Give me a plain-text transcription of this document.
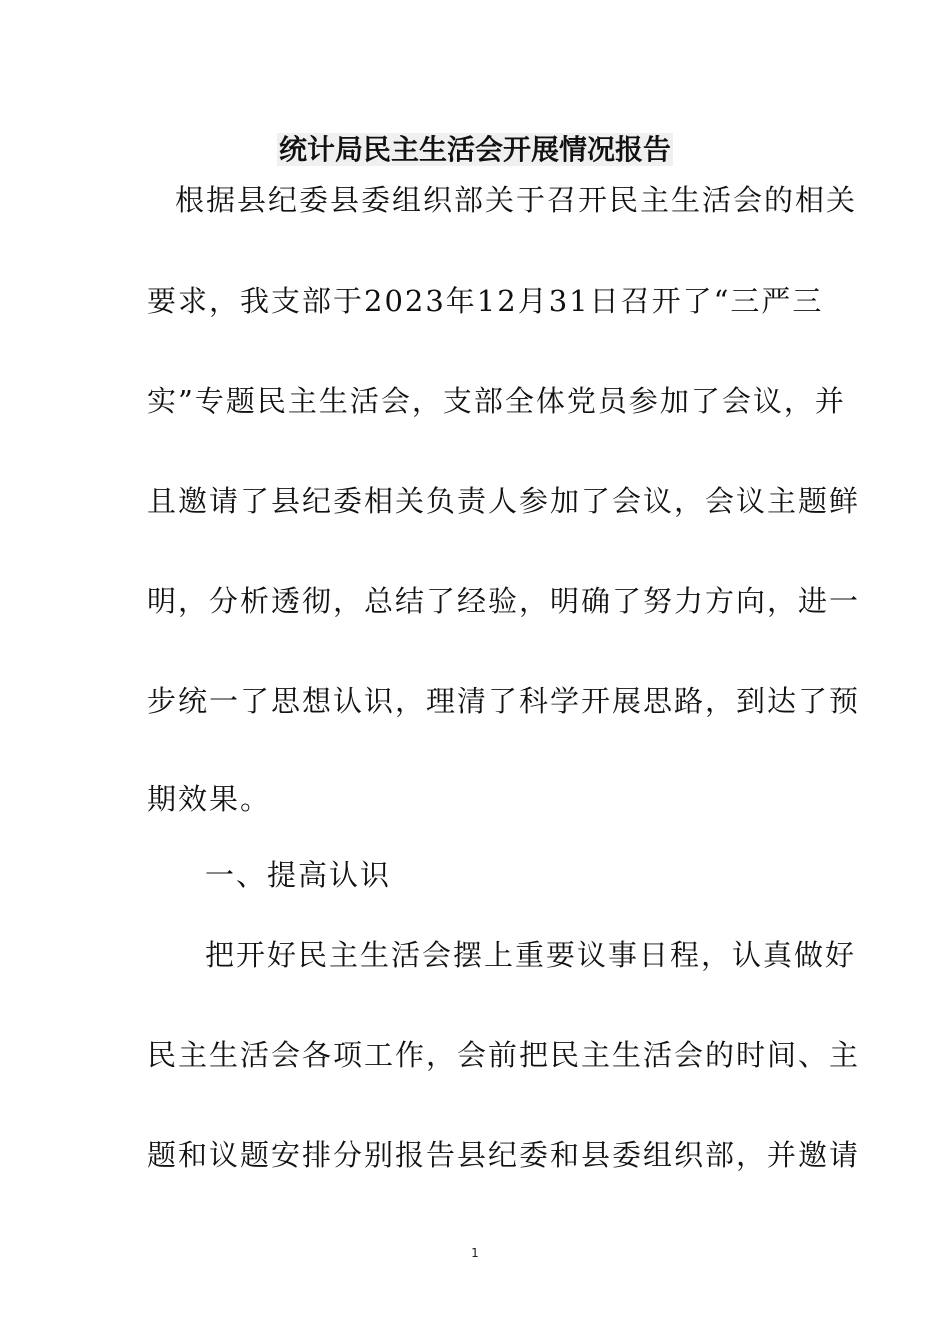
统计局民主生活会开展情况报告
根据县纪委县委组织部关于召开民主生活会的相关
要求，我支部于2023年12月31日召开了“三严三
实”专题民主生活会，支部全体党员参加了会议，并
且邀请了县纪委相关负责人参加了会议，会议主题鲜
明，分析透彻，总结了经验，明确了努力方向，进一
步统一了思想认识，理清了科学开展思路，到达了预
期效果。
一、提高认识
把开好民主生活会摆上重要议事日程，认真做好
民主生活会各项工作，会前把民主生活会的时间、主
题和议题安排分别报告县纪委和县委组织部，并邀请
1
